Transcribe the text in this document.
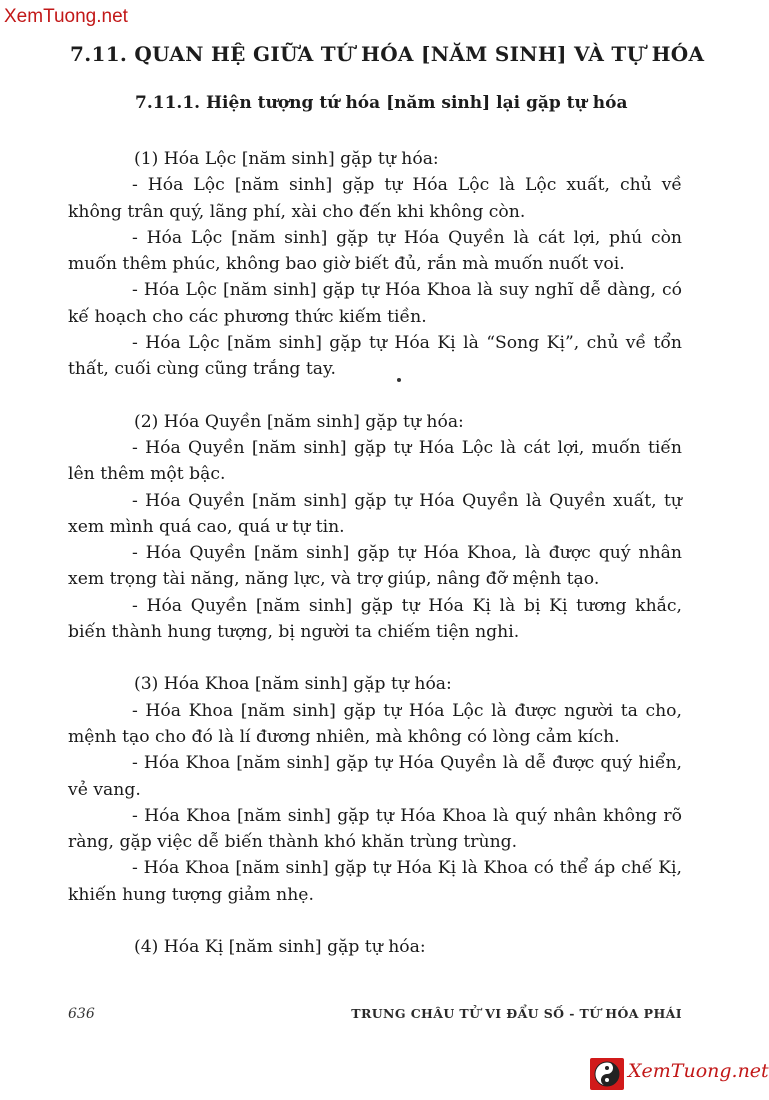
XemTuong.net
7.11. QUAN HỆ GIỮA TỨ HÓA [NĂM SINH] VÀ TỰ HÓA
7.11.1. Hiện tượng tứ hóa [năm sinh] lại gặp tự hóa

(1) Hóa Lộc [năm sinh] gặp tự hóa:

- Hóa Lộc [năm sinh] gặp tự Hóa Lộc là Lộc xuất, chủ về không trân quý, lãng phí, xài cho đến khi không còn.

- Hóa Lộc [năm sinh] gặp tự Hóa Quyền là cát lợi, phú còn muốn thêm phúc, không bao giờ biết đủ, rắn mà muốn nuốt voi.

- Hóa Lộc [năm sinh] gặp tự Hóa Khoa là suy nghĩ dễ dàng, có kế hoạch cho các phương thức kiếm tiền.

- Hóa Lộc [năm sinh] gặp tự Hóa Kị là “Song Kị”, chủ về tổn thất, cuối cùng cũng trắng tay.

(2) Hóa Quyền [năm sinh] gặp tự hóa:

- Hóa Quyền [năm sinh] gặp tự Hóa Lộc là cát lợi, muốn tiến lên thêm một bậc.

- Hóa Quyền [năm sinh] gặp tự Hóa Quyền là Quyền xuất, tự xem mình quá cao, quá ư tự tin.

- Hóa Quyền [năm sinh] gặp tự Hóa Khoa, là được quý nhân xem trọng tài năng, năng lực, và trợ giúp, nâng đỡ mệnh tạo.

- Hóa Quyền [năm sinh] gặp tự Hóa Kị là bị Kị tương khắc, biến thành hung tượng, bị người ta chiếm tiện nghi.

(3) Hóa Khoa [năm sinh] gặp tự hóa:

- Hóa Khoa [năm sinh] gặp tự Hóa Lộc là được người ta cho, mệnh tạo cho đó là lí đương nhiên, mà không có lòng cảm kích.

- Hóa Khoa [năm sinh] gặp tự Hóa Quyền là dễ được quý hiển, vẻ vang.

- Hóa Khoa [năm sinh] gặp tự Hóa Khoa là quý nhân không rõ ràng, gặp việc dễ biến thành khó khăn trùng trùng.

- Hóa Khoa [năm sinh] gặp tự Hóa Kị là Khoa có thể áp chế Kị, khiến hung tượng giảm nhẹ.

(4) Hóa Kị [năm sinh] gặp tự hóa:

636	TRUNG CHÂU TỬ VI ĐẨU SỐ - TỨ HÓA PHÁI
XemTuong.net
